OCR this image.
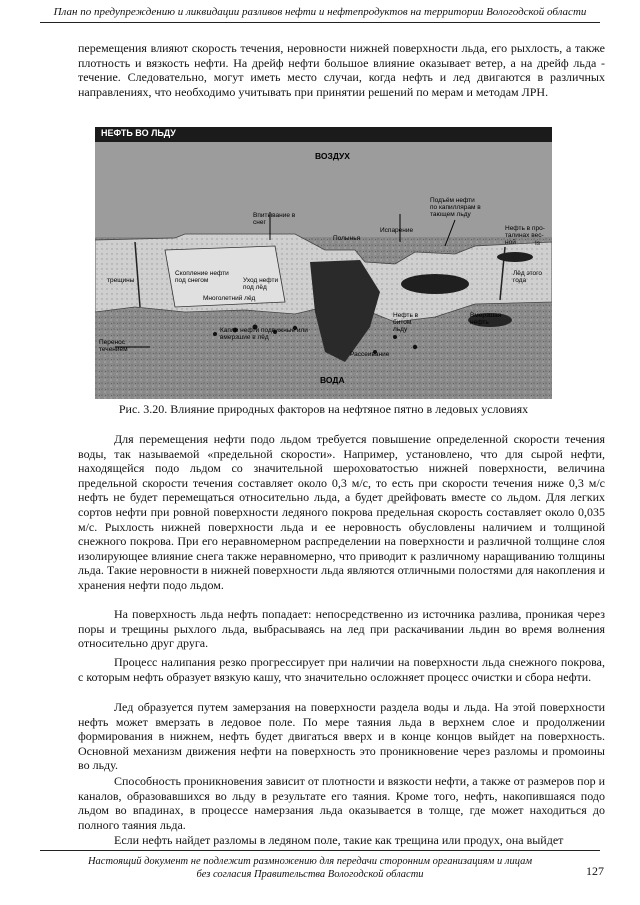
План по предупреждению и ликвидации разливов нефти и нефтепродуктов на территории Вологодской области

перемещения влияют скорость течения, неровности нижней поверхности льда, его рыхлость, а также плотность и вязкость нефти. На дрейф нефти большое влияние оказывает ветер, а на дрейф льда - течение. Следовательно, могут иметь место случаи, когда нефть и лед двигаются в различных направлениях, что необходимо учитывать при принятии решений по мерам и методам ЛРН.

НЕФТЬ ВО ЛЬДУ
ВОЗДУХ
ВОДА
Впитывание в
снег
Полынья
Испарение
Подъём нефти
по капиллярам в
тающем льду
Нефть в про-
талинах вес-
ной	Is
трещины
Скопление нефти
под снегом	Уход нефти
под лёд
Многолетний лёд
Лёд этого
года
Нефть в
битом
льду
Вмерзшая
нефть
Капли нефти подвижные или
вмерзшие в лёд
Перенос
течением
Рассеивание
Рис. 3.20. Влияние природных факторов на нефтяное пятно в ледовых условиях

Для перемещения нефти подо льдом требуется повышение определенной скорости течения воды, так называемой «предельной скорости». Например, установлено, что для сырой нефти, находящейся подо льдом со значительной шероховатостью нижней поверхности, величина предельной скорости течения составляет около 0,3 м/с, то есть при скорости течения ниже 0,3 м/с нефть не будет перемещаться относительно льда, а будет дрейфовать вместе со льдом. Для легких сортов нефти при ровной поверхности ледяного покрова предельная скорость составляет около 0,035 м/с. Рыхлость нижней поверхности льда и ее неровность обусловлены наличием и толщиной снежного покрова. При его неравномерном распределении на поверхности и различной толщине слоя изолирующее влияние снега также неравномерно, что приводит к различному наращиванию толщины льда. Такие неровности в нижней поверхности льда являются отличными полостями для накопления и хранения нефти подо льдом.

На поверхность льда нефть попадает: непосредственно из источника разлива, проникая через поры и трещины рыхлого льда, выбрасываясь на лед при раскачивании льдин во время волнения относительно друг друга.

Процесс налипания резко прогрессирует при наличии на поверхности льда снежного покрова, с которым нефть образует вязкую кашу, что значительно осложняет процесс очистки и сбора нефти.

Лед образуется путем замерзания на поверхности раздела воды и льда. На этой поверхности нефть может вмерзать в ледовое поле. По мере таяния льда в верхнем слое и продолжении формирования в нижнем, нефть будет двигаться вверх и в конце концов выйдет на поверхность. Основной механизм движения нефти на поверхность это проникновение через разломы и промоины во льду.

Способность проникновения зависит от плотности и вязкости нефти, а также от размеров пор и каналов, образовавшихся во льду в результате его таяния. Кроме того, нефть, накопившаяся подо льдом во впадинах, в процессе намерзания льда оказывается в толще, где может находиться до полного таяния льда.

Если нефть найдет разломы в ледяном поле, такие как трещина или продух, она выйдет

Настоящий документ не подлежит размножению для передачи сторонним организациям и лицам
без согласия Правительства Вологодской области	127
